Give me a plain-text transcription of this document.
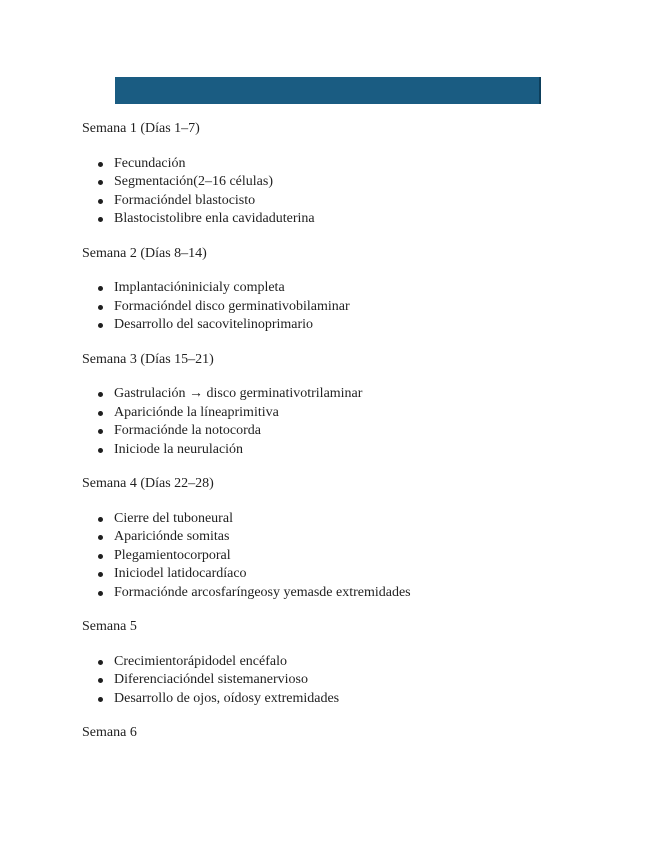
Semana 1 (Días 1–7)

Fecundación
Segmentación(2–16 células)
Formacióndel blastocisto
Blastocistolibre enla cavidaduterina

Semana 2 (Días 8–14)

Implantacióninicialy completa
Formacióndel disco germinativobilaminar
Desarrollo del sacovitelinoprimario

Semana 3 (Días 15–21)

Gastrulación → disco germinativotrilaminar
Apariciónde la líneaprimitiva
Formaciónde la notocorda
Iniciode la neurulación

Semana 4 (Días 22–28)

Cierre del tuboneural
Apariciónde somitas
Plegamientocorporal
Iniciodel latidocardíaco
Formaciónde arcosfaríngeosy yemasde extremidades

Semana 5

Crecimientorápidodel encéfalo
Diferenciacióndel sistemanervioso
Desarrollo de ojos, oídosy extremidades

Semana 6
